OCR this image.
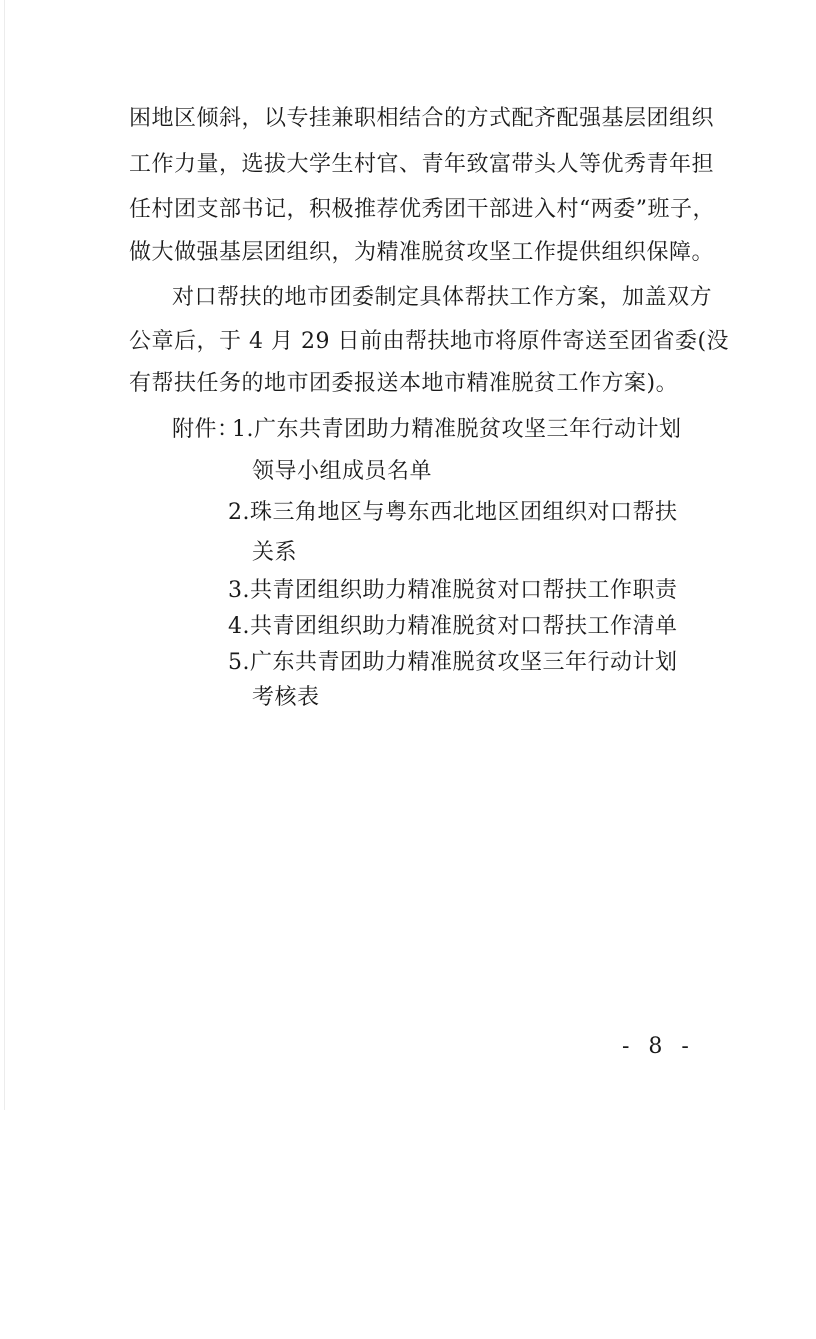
困地区倾斜，以专挂兼职相结合的方式配齐配强基层团组织
工作力量，选拔大学生村官、青年致富带头人等优秀青年担
任村团支部书记，积极推荐优秀团干部进入村“两委”班子，
做大做强基层团组织，为精准脱贫攻坚工作提供组织保障。
对口帮扶的地市团委制定具体帮扶工作方案，加盖双方
公章后，于 4 月 29 日前由帮扶地市将原件寄送至团省委(没
有帮扶任务的地市团委报送本地市精准脱贫工作方案)。
附件：
1.广东共青团助力精准脱贫攻坚三年行动计划
领导小组成员名单
2.珠三角地区与粤东西北地区团组织对口帮扶
关系
3.共青团组织助力精准脱贫对口帮扶工作职责
4.共青团组织助力精准脱贫对口帮扶工作清单
5.广东共青团助力精准脱贫攻坚三年行动计划
考核表
- 8 -
